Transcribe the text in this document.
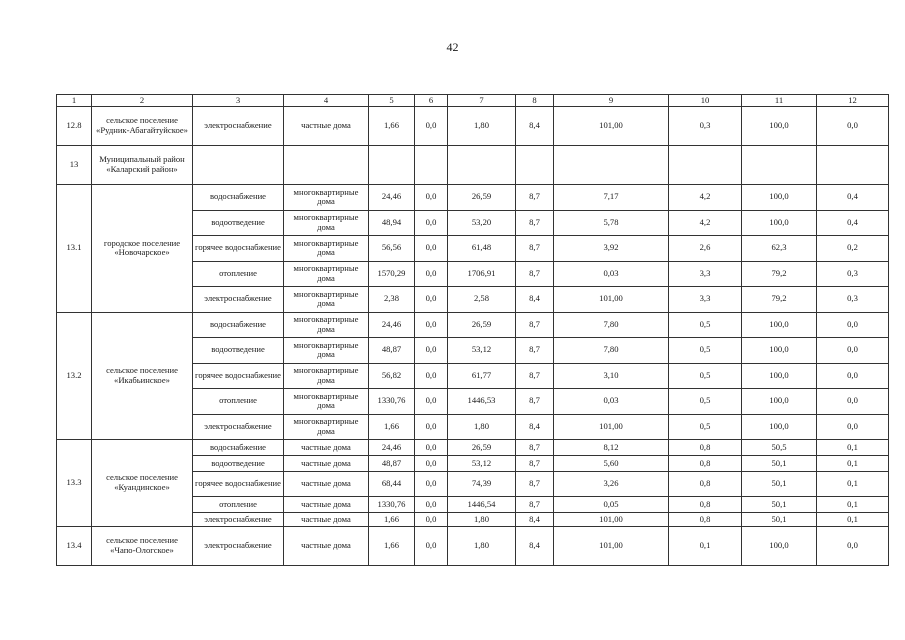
42
1	2	3	4	5	6	7	8	9	10	11	12
12.8	сельское поселение «Рудник-Абагайтуйское»	электроснабжение	частные дома	1,66	0,0	1,80	8,4	101,00	0,3	100,0	0,0
13	Муниципальный район «Каларский район»										
13.1	городское поселение «Новочарское»	водоснабжение	многоквартирные дома	24,46	0,0	26,59	8,7	7,17	4,2	100,0	0,4
		водоотведение	многоквартирные дома	48,94	0,0	53,20	8,7	5,78	4,2	100,0	0,4
		горячее водоснабжение	многоквартирные дома	56,56	0,0	61,48	8,7	3,92	2,6	62,3	0,2
		отопление	многоквартирные дома	1570,29	0,0	1706,91	8,7	0,03	3,3	79,2	0,3
		электроснабжение	многоквартирные дома	2,38	0,0	2,58	8,4	101,00	3,3	79,2	0,3
13.2	сельское поселение «Икабьинское»	водоснабжение	многоквартирные дома	24,46	0,0	26,59	8,7	7,80	0,5	100,0	0,0
		водоотведение	многоквартирные дома	48,87	0,0	53,12	8,7	7,80	0,5	100,0	0,0
		горячее водоснабжение	многоквартирные дома	56,82	0,0	61,77	8,7	3,10	0,5	100,0	0,0
		отопление	многоквартирные дома	1330,76	0,0	1446,53	8,7	0,03	0,5	100,0	0,0
		электроснабжение	многоквартирные дома	1,66	0,0	1,80	8,4	101,00	0,5	100,0	0,0
13.3	сельское поселение «Куандинское»	водоснабжение	частные дома	24,46	0,0	26,59	8,7	8,12	0,8	50,5	0,1
		водоотведение	частные дома	48,87	0,0	53,12	8,7	5,60	0,8	50,1	0,1
		горячее водоснабжение	частные дома	68,44	0,0	74,39	8,7	3,26	0,8	50,1	0,1
		отопление	частные дома	1330,76	0,0	1446,54	8,7	0,05	0,8	50,1	0,1
		электроснабжение	частные дома	1,66	0,0	1,80	8,4	101,00	0,8	50,1	0,1
13.4	сельское поселение «Чапо-Ологское»	электроснабжение	частные дома	1,66	0,0	1,80	8,4	101,00	0,1	100,0	0,0
